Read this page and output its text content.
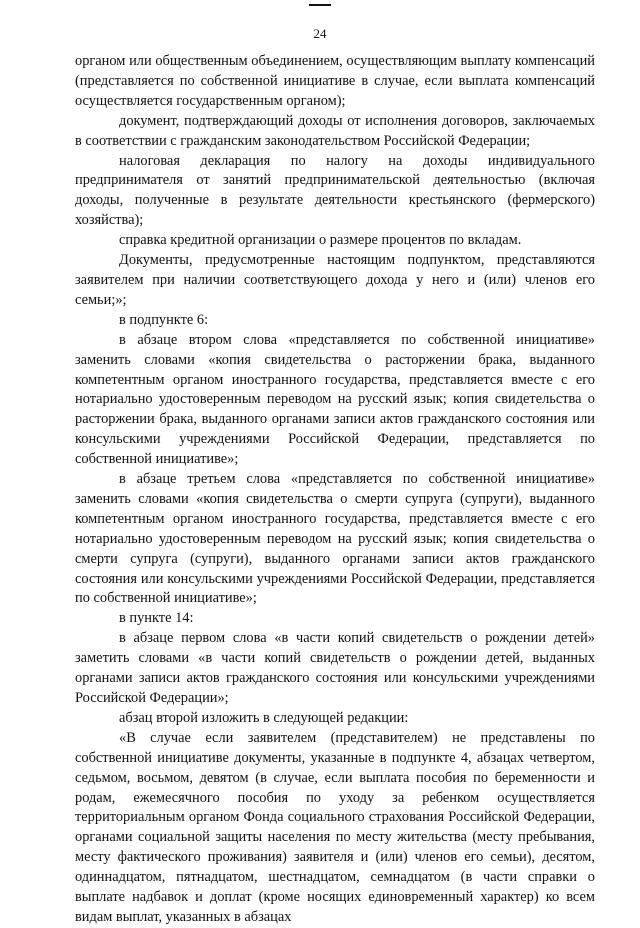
24

органом или общественным объединением, осуществляющим выплату компенсаций (представляется по собственной инициативе в случае, если выплата компенсаций осуществляется государственным органом);

документ, подтверждающий доходы от исполнения договоров, заключаемых в соответствии с гражданским законодательством Российской Федерации;

налоговая декларация по налогу на доходы индивидуального предпринимателя от занятий предпринимательской деятельностью (включая доходы, полученные в результате деятельности крестьянского (фермерского) хозяйства);

справка кредитной организации о размере процентов по вкладам.

Документы, предусмотренные настоящим подпунктом, представляются заявителем при наличии соответствующего дохода у него и (или) членов его семьи;»;

в подпункте 6:

в абзаце втором слова «представляется по собственной инициативе» заменить словами «копия свидетельства о расторжении брака, выданного компетентным органом иностранного государства, представляется вместе с его нотариально удостоверенным переводом на русский язык; копия свидетельства о расторжении брака, выданного органами записи актов гражданского состояния или консульскими учреждениями Российской Федерации, представляется по собственной инициативе»;

в абзаце третьем слова «представляется по собственной инициативе» заменить словами «копия свидетельства о смерти супруга (супруги), выданного компетентным органом иностранного государства, представляется вместе с его нотариально удостоверенным переводом на русский язык; копия свидетельства о смерти супруга (супруги), выданного органами записи актов гражданского состояния или консульскими учреждениями Российской Федерации, представляется по собственной инициативе»;

в пункте 14:

в абзаце первом слова «в части копий свидетельств о рождении детей» заметить словами «в части копий свидетельств о рождении детей, выданных органами записи актов гражданского состояния или консульскими учреждениями Российской Федерации»;

абзац второй изложить в следующей редакции:

«В случае если заявителем (представителем) не представлены по собственной инициативе документы, указанные в подпункте 4, абзацах четвертом, седьмом, восьмом, девятом (в случае, если выплата пособия по беременности и родам, ежемесячного пособия по уходу за ребенком осуществляется территориальным органом Фонда социального страхования Российской Федерации, органами социальной защиты населения по месту жительства (месту пребывания, месту фактического проживания) заявителя и (или) членов его семьи), десятом, одиннадцатом, пятнадцатом, шестнадцатом, семнадцатом (в части справки о выплате надбавок и доплат (кроме носящих единовременный характер) ко всем видам выплат, указанных в абзацах
